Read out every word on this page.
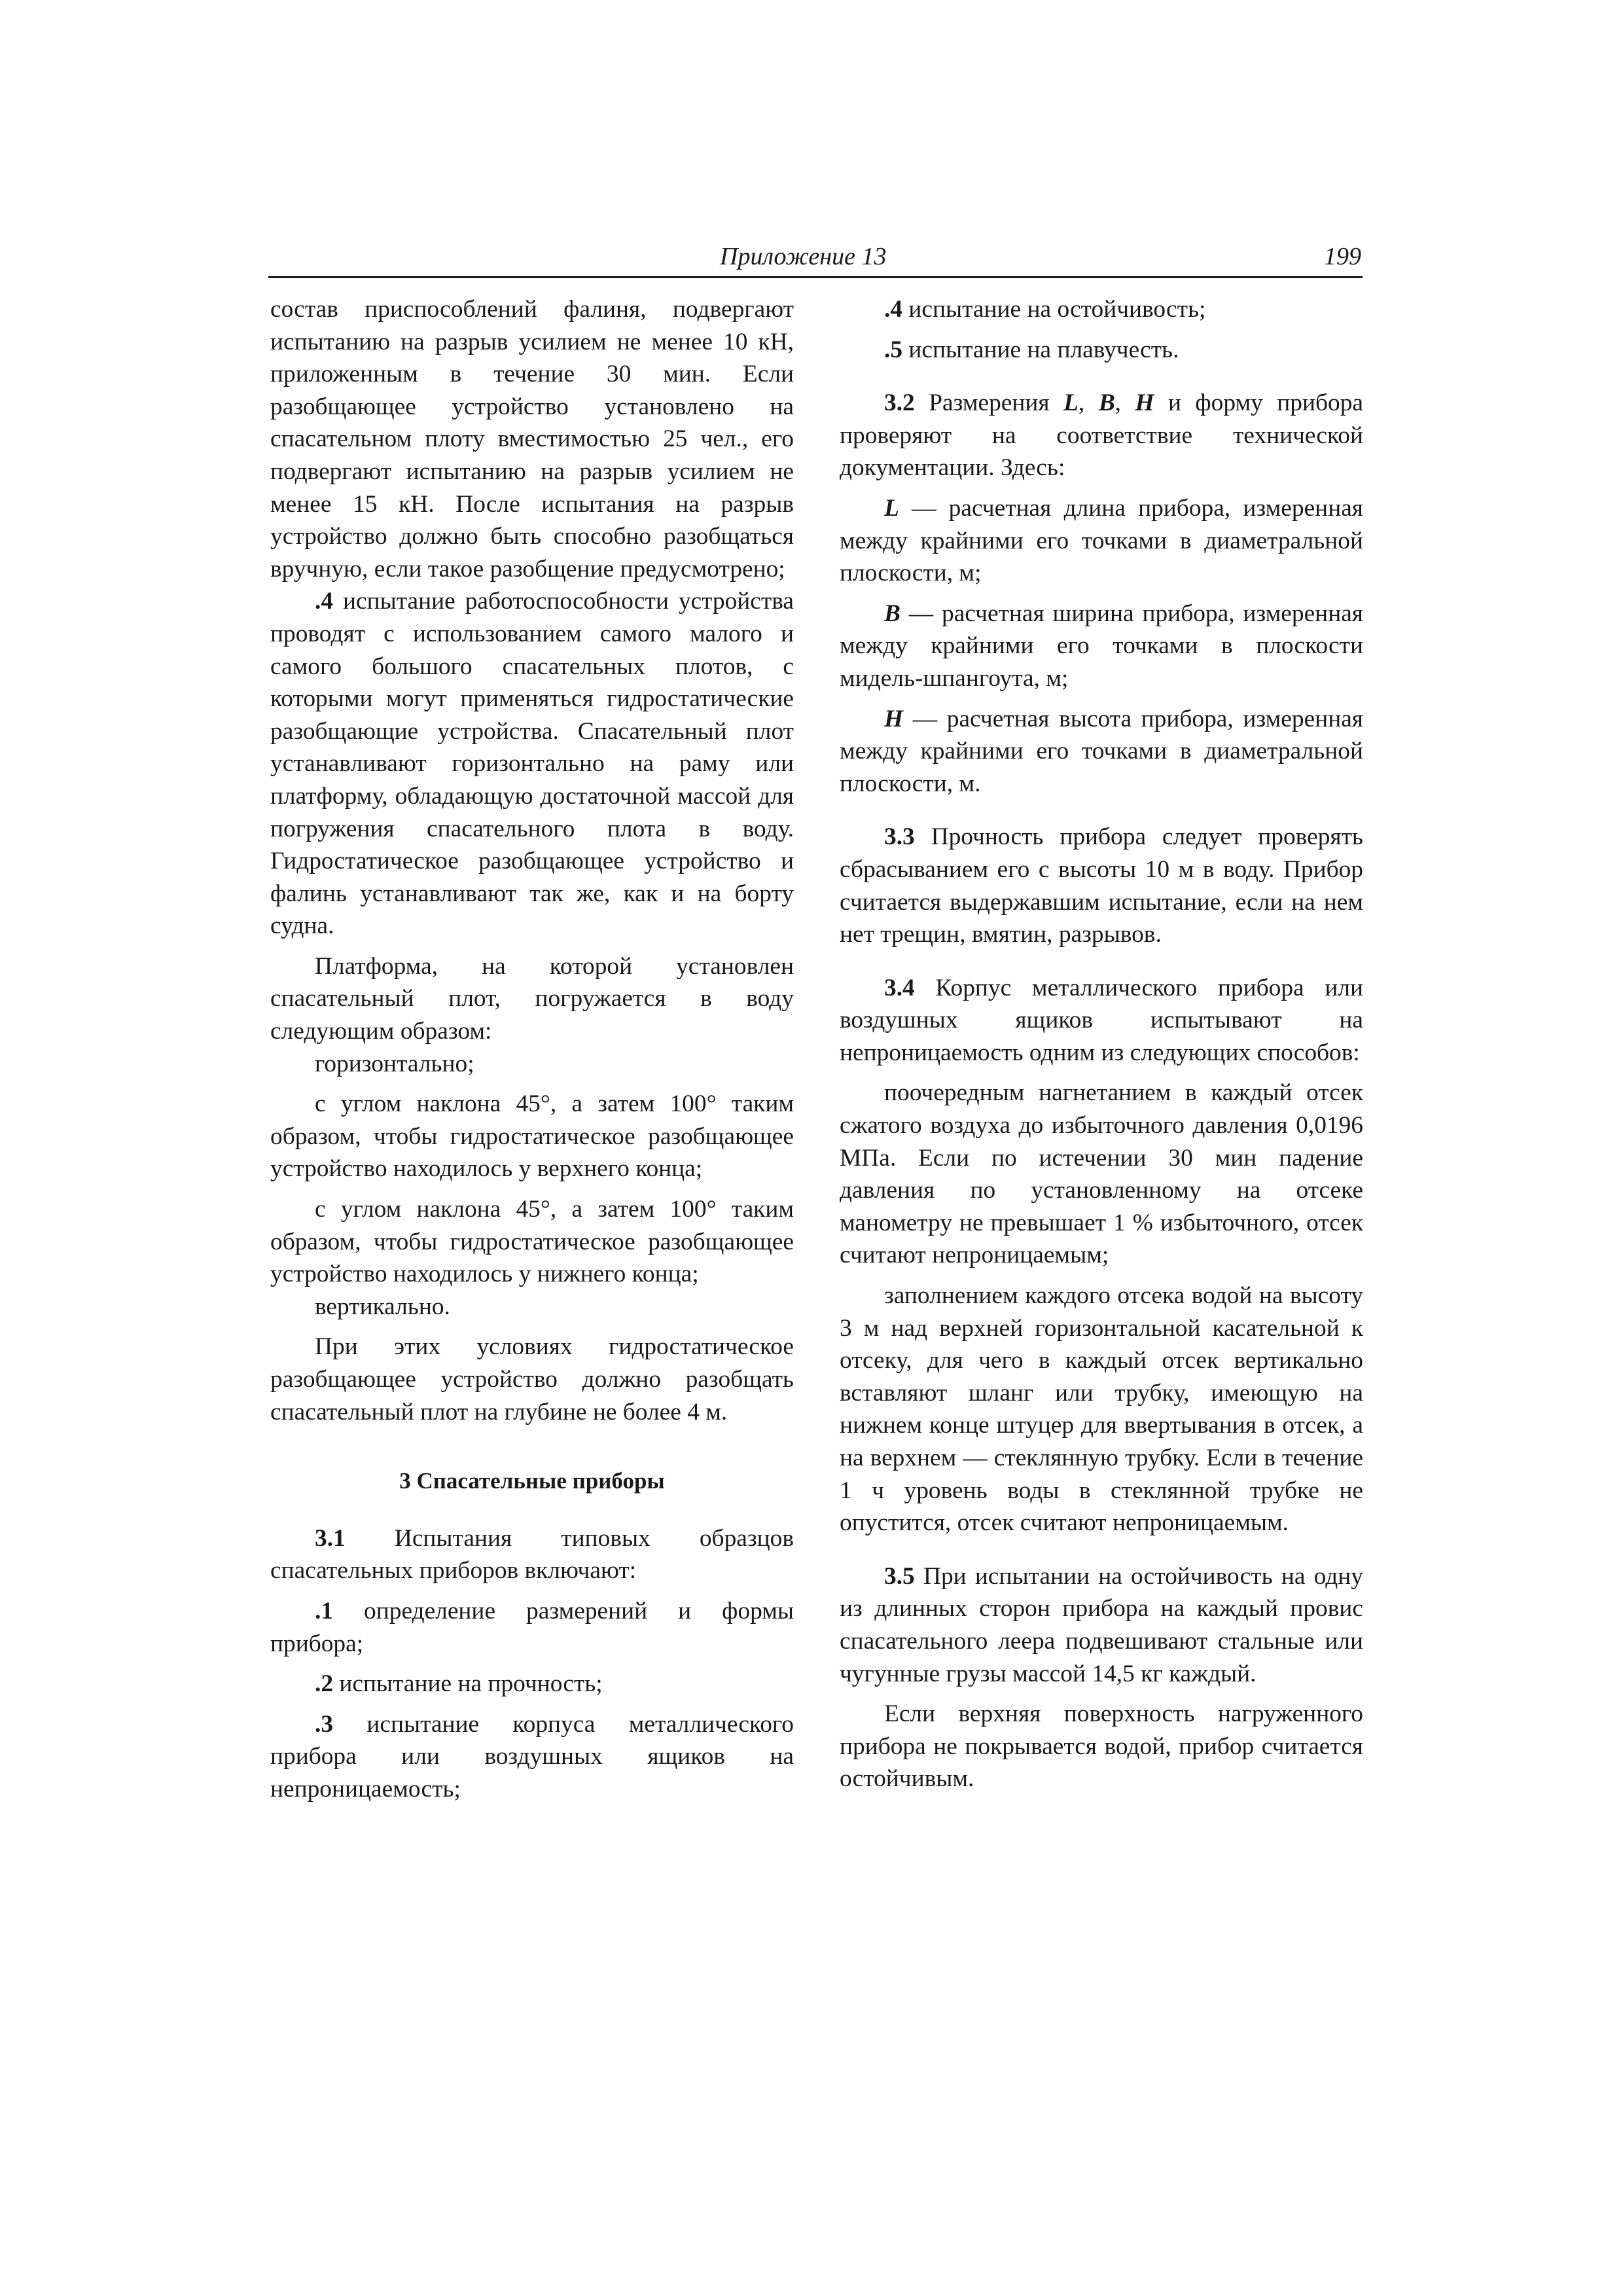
Приложение 13	199

состав приспособлений фалиня, подвергают испытанию на разрыв усилием не менее 10 кН, приложенным в течение 30 мин. Если разобщающее устройство установлено на спасательном плоту вместимостью 25 чел., его подвергают испытанию на разрыв усилием не менее 15 кН. После испытания на разрыв устройство должно быть способно разобщаться вручную, если такое разобщение предусмотрено;

.4 испытание работоспособности устройства проводят с использованием самого малого и самого большого спасательных плотов, с которыми могут применяться гидростатические разобщающие устройства. Спасательный плот устанавливают горизонтально на раму или платформу, обладающую достаточной массой для погружения спасательного плота в воду. Гидростатическое разобщающее устройство и фалинь устанавливают так же, как и на борту судна.

Платформа, на которой установлен спасательный плот, погружается в воду следующим образом:

горизонтально;

с углом наклона 45°, а затем 100° таким образом, чтобы гидростатическое разобщающее устройство находилось у верхнего конца;

с углом наклона 45°, а затем 100° таким образом, чтобы гидростатическое разобщающее устройство находилось у нижнего конца;

вертикально.

При этих условиях гидростатическое разобщающее устройство должно разобщать спасательный плот на глубине не более 4 м.

3 Спасательные приборы

3.1 Испытания типовых образцов спасательных приборов включают:

.1 определение размерений и формы прибора;

.2 испытание на прочность;

.3 испытание корпуса металлического прибора или воздушных ящиков на непроницаемость;

.4 испытание на остойчивость;

.5 испытание на плавучесть.

3.2 Размерения L, B, H и форму прибора проверяют на соответствие технической документации. Здесь:

L — расчетная длина прибора, измеренная между крайними его точками в диаметральной плоскости, м;

B — расчетная ширина прибора, измеренная между крайними его точками в плоскости мидель-шпангоута, м;

H — расчетная высота прибора, измеренная между крайними его точками в диаметральной плоскости, м.

3.3 Прочность прибора следует проверять сбрасыванием его с высоты 10 м в воду. Прибор считается выдержавшим испытание, если на нем нет трещин, вмятин, разрывов.

3.4 Корпус металлического прибора или воздушных ящиков испытывают на непроницаемость одним из следующих способов:

поочередным нагнетанием в каждый отсек сжатого воздуха до избыточного давления 0,0196 МПа. Если по истечении 30 мин падение давления по установленному на отсеке манометру не превышает 1 % избыточного, отсек считают непроницаемым;

заполнением каждого отсека водой на высоту 3 м над верхней горизонтальной касательной к отсеку, для чего в каждый отсек вертикально вставляют шланг или трубку, имеющую на нижнем конце штуцер для ввертывания в отсек, а на верхнем — стеклянную трубку. Если в течение 1 ч уровень воды в стеклянной трубке не опустится, отсек считают непроницаемым.

3.5 При испытании на остойчивость на одну из длинных сторон прибора на каждый провис спасательного леера подвешивают стальные или чугунные грузы массой 14,5 кг каждый.

Если верхняя поверхность нагруженного прибора не покрывается водой, прибор считается остойчивым.
